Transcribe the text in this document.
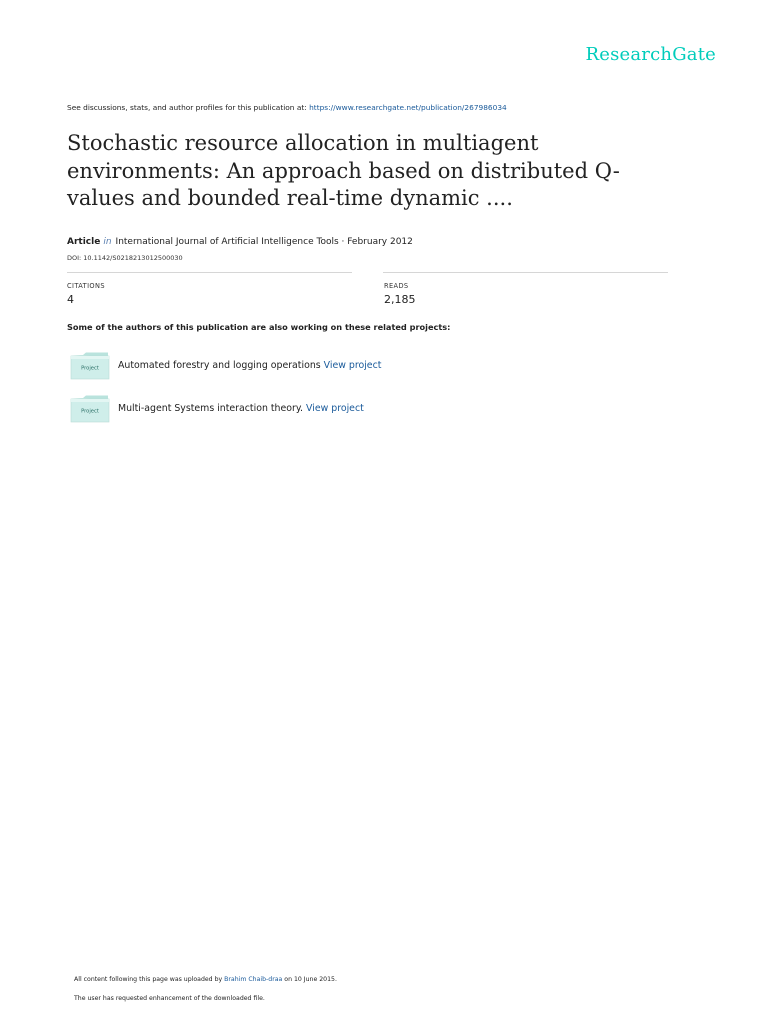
ResearchGate
See discussions, stats, and author profiles for this publication at: https://www.researchgate.net/publication/267986034
Stochastic resource allocation in multiagent environments: An approach based on distributed Q-values and bounded real-time dynamic ....
Article in International Journal of Artificial Intelligence Tools · February 2012
DOI: 10.1142/S0218213012500030
CITATIONS
4
READS
2,185
Some of the authors of this publication are also working on these related projects:
Project Automated forestry and logging operations View project
Project Multi-agent Systems interaction theory. View project
All content following this page was uploaded by Brahim Chaib-draa on 10 June 2015.
The user has requested enhancement of the downloaded file.
